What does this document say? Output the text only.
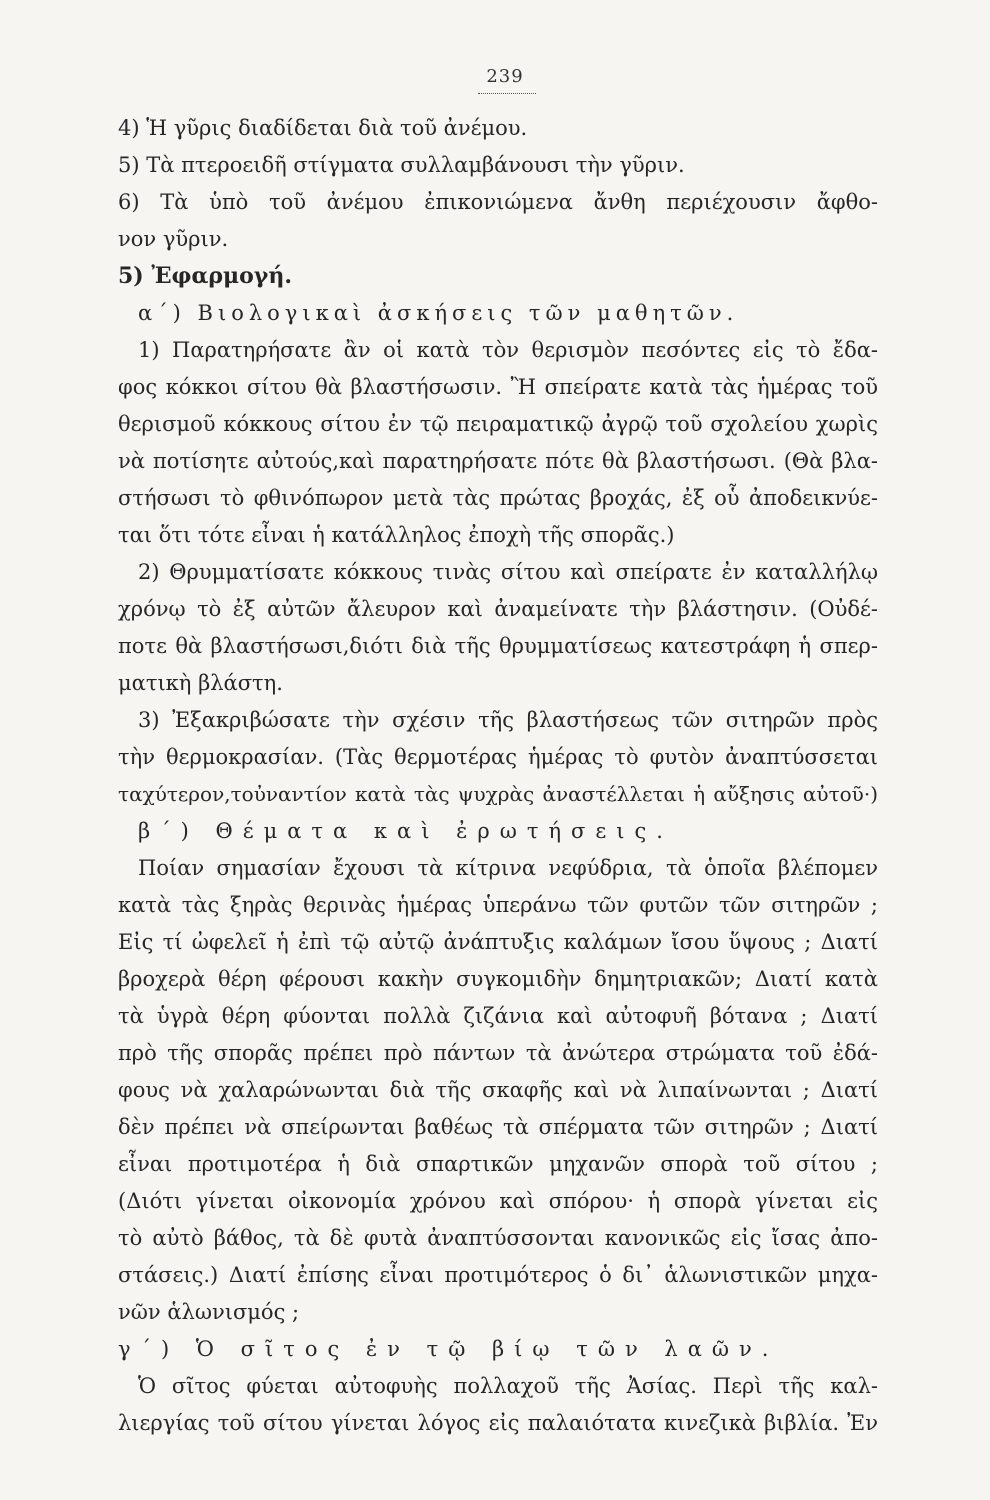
239
4) Ἡ γῦρις διαδίδεται διὰ τοῦ ἀνέμου.
5) Τὰ πτεροειδῆ στίγματα συλλαμβάνουσι τὴν γῦριν.
6) Τὰ ὑπὸ τοῦ ἀνέμου ἐπικονιώμενα ἄνθη περιέχουσιν ἄφθο-
νον γῦριν.
5) Ἐφαρμογή.
α΄) Βιολογικαὶ ἀσκήσεις τῶν μαθητῶν.
1) Παρατηρήσατε ἂν οἱ κατὰ τὸν θερισμὸν πεσόντες εἰς τὸ ἔδα-
φος κόκκοι σίτου θὰ βλαστήσωσιν. Ἢ σπείρατε κατὰ τὰς ἡμέρας τοῦ
θερισμοῦ κόκκους σίτου ἐν τῷ πειραματικῷ ἀγρῷ τοῦ σχολείου χωρὶς
νὰ ποτίσητε αὐτούς,καὶ παρατηρήσατε πότε θὰ βλαστήσωσι. (Θὰ βλα-
στήσωσι τὸ φθινόπωρον μετὰ τὰς πρώτας βροχάς, ἐξ οὗ ἀποδεικνύε-
ται ὅτι τότε εἶναι ἡ κατάλληλος ἐποχὴ τῆς σπορᾶς.)
2) Θρυμματίσατε κόκκους τινὰς σίτου καὶ σπείρατε ἐν καταλλήλῳ
χρόνῳ τὸ ἐξ αὐτῶν ἄλευρον καὶ ἀναμείνατε τὴν βλάστησιν. (Οὐδέ-
ποτε θὰ βλαστήσωσι,διότι διὰ τῆς θρυμματίσεως κατεστράφη ἡ σπερ-
ματικὴ βλάστη.
3) Ἐξακριβώσατε τὴν σχέσιν τῆς βλαστήσεως τῶν σιτηρῶν πρὸς
τὴν θερμοκρασίαν. (Τὰς θερμοτέρας ἡμέρας τὸ φυτὸν ἀναπτύσσεται
ταχύτερον,τοὐναντίον κατὰ τὰς ψυχρὰς ἀναστέλλεται ἡ αὔξησις αὐτοῦ·)
β΄) Θέματα καὶ ἐρωτήσεις.
Ποίαν σημασίαν ἔχουσι τὰ κίτρινα νεφύδρια, τὰ ὁποῖα βλέπομεν
κατὰ τὰς ξηρὰς θερινὰς ἡμέρας ὑπεράνω τῶν φυτῶν τῶν σιτηρῶν ;
Εἰς τί ὠφελεῖ ἡ ἐπὶ τῷ αὐτῷ ἀνάπτυξις καλάμων ἴσου ὕψους ; Διατί
βροχερὰ θέρη φέρουσι κακὴν συγκομιδὴν δημητριακῶν; Διατί κατὰ
τὰ ὑγρὰ θέρη φύονται πολλὰ ζιζάνια καὶ αὐτοφυῆ βότανα ; Διατί
πρὸ τῆς σπορᾶς πρέπει πρὸ πάντων τὰ ἀνώτερα στρώματα τοῦ ἐδά-
φους νὰ χαλαρώνωνται διὰ τῆς σκαφῆς καὶ νὰ λιπαίνωνται ; Διατί
δὲν πρέπει νὰ σπείρωνται βαθέως τὰ σπέρματα τῶν σιτηρῶν ; Διατί
εἶναι προτιμοτέρα ἡ διὰ σπαρτικῶν μηχανῶν σπορὰ τοῦ σίτου ;
(Διότι γίνεται οἰκονομία χρόνου καὶ σπόρου· ἡ σπορὰ γίνεται εἰς
τὸ αὐτὸ βάθος, τὰ δὲ φυτὰ ἀναπτύσσονται κανονικῶς εἰς ἴσας ἀπο-
στάσεις.) Διατί ἐπίσης εἶναι προτιμότερος ὁ δι᾽ ἁλωνιστικῶν μηχα-
νῶν ἁλωνισμός ;
γ΄) Ὁ σῖτος ἐν τῷ βίῳ τῶν λαῶν.
Ὁ σῖτος φύεται αὐτοφυὴς πολλαχοῦ τῆς Ἀσίας. Περὶ τῆς καλ-
λιεργίας τοῦ σίτου γίνεται λόγος εἰς παλαιότατα κινεζικὰ βιβλία. Ἐν
